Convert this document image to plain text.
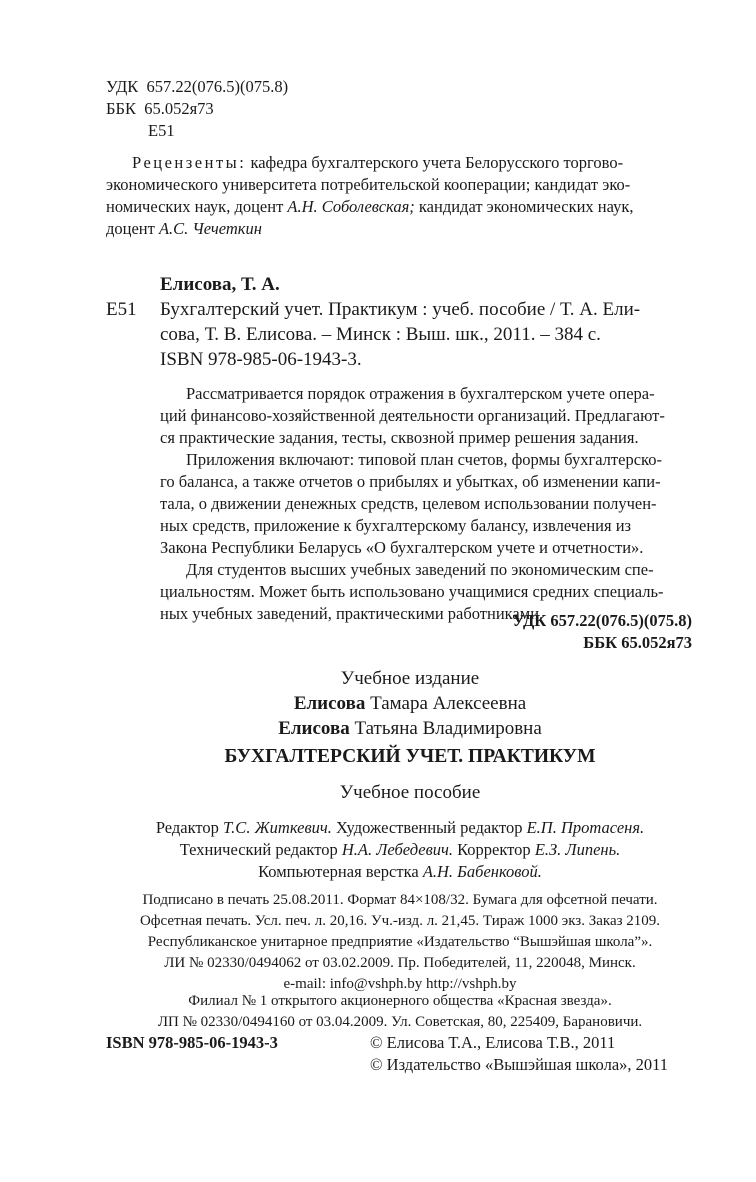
УДК 657.22(076.5)(075.8)
ББК 65.052я73
Е51
Рецензенты: кафедра бухгалтерского учета Белорусского торгово-
экономического университета потребительской кооперации; кандидат эко-
номических наук, доцент А.Н. Соболевская; кандидат экономических наук,
доцент А.С. Чечеткин
Елисова, Т. А.
Е51 Бухгалтерский учет. Практикум : учеб. пособие / Т. А. Ели-
сова, Т. В. Елисова. – Минск : Выш. шк., 2011. – 384 с.
ISBN 978-985-06-1943-3.
Рассматривается порядок отражения в бухгалтерском учете опера-
ций финансово-хозяйственной деятельности организаций. Предлагают-
ся практические задания, тесты, сквозной пример решения задания.
Приложения включают: типовой план счетов, формы бухгалтерско-
го баланса, а также отчетов о прибылях и убытках, об изменении капи-
тала, о движении денежных средств, целевом использовании получен-
ных средств, приложение к бухгалтерскому балансу, извлечения из
Закона Республики Беларусь «О бухгалтерском учете и отчетности».
Для студентов высших учебных заведений по экономическим спе-
циальностям. Может быть использовано учащимися средних специаль-
ных учебных заведений, практическими работниками.
УДК 657.22(076.5)(075.8)
ББК 65.052я73
Учебное издание
Елисова Тамара Алексеевна
Елисова Татьяна Владимировна
БУХГАЛТЕРСКИЙ УЧЕТ. ПРАКТИКУМ
Учебное пособие
Редактор Т.С. Житкевич. Художественный редактор Е.П. Протасеня.
Технический редактор Н.А. Лебедевич. Корректор Е.З. Липень.
Компьютерная верстка А.Н. Бабенковой.
Подписано в печать 25.08.2011. Формат 84×108/32. Бумага для офсетной печати.
Офсетная печать. Усл. печ. л. 20,16. Уч.-изд. л. 21,45. Тираж 1000 экз. Заказ 2109.
Республиканское унитарное предприятие «Издательство “Вышэйшая школа”».
ЛИ № 02330/0494062 от 03.02.2009. Пр. Победителей, 11, 220048, Минск.
e-mail: info@vshph.by http://vshph.by
Филиал № 1 открытого акционерного общества «Красная звезда».
ЛП № 02330/0494160 от 03.04.2009. Ул. Советская, 80, 225409, Барановичи.
ISBN 978-985-06-1943-3	© Елисова Т.А., Елисова Т.В., 2011
© Издательство «Вышэйшая школа», 2011
